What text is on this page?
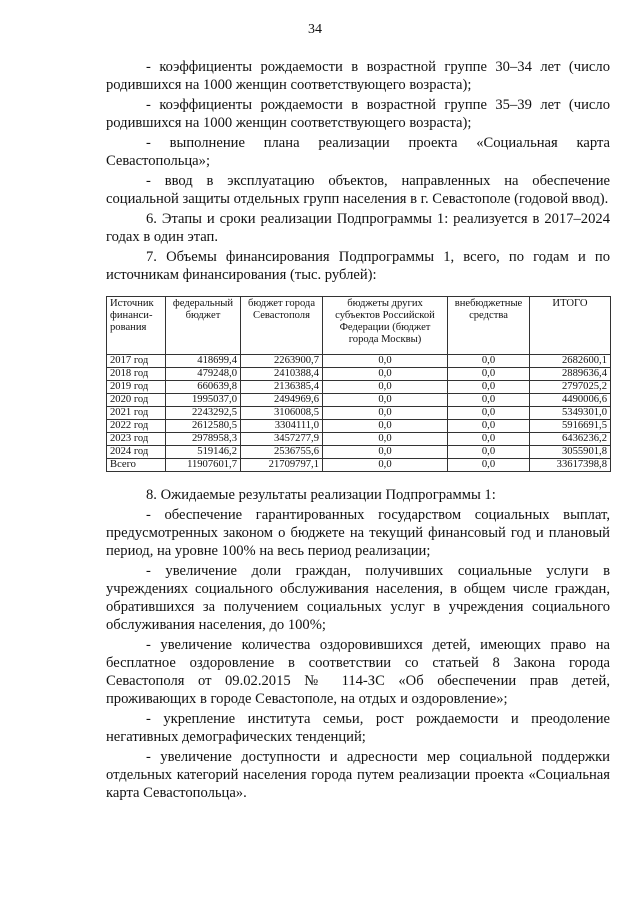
34

- коэффициенты рождаемости в возрастной группе 30–34 лет (число родившихся на 1000 женщин соответствующего возраста);

- коэффициенты рождаемости в возрастной группе 35–39 лет (число родившихся на 1000 женщин соответствующего возраста);

- выполнение плана реализации проекта «Социальная карта Севастопольца»;

- ввод в эксплуатацию объектов, направленных на обеспечение социальной защиты отдельных групп населения в г. Севастополе (годовой ввод).

6. Этапы и сроки реализации Подпрограммы 1: реализуется в 2017–2024 годах в один этап.

7. Объемы финансирования Подпрограммы 1, всего, по годам и по источникам финансирования (тыс. рублей):

Источник финанси-рования	федеральный бюджет	бюджет города Севастополя	бюджеты других субъектов Российской Федерации (бюджет города Москвы)	внебюджетные средства	ИТОГО
2017 год	418699,4	2263900,7	0,0	0,0	2682600,1
2018 год	479248,0	2410388,4	0,0	0,0	2889636,4
2019 год	660639,8	2136385,4	0,0	0,0	2797025,2
2020 год	1995037,0	2494969,6	0,0	0,0	4490006,6
2021 год	2243292,5	3106008,5	0,0	0,0	5349301,0
2022 год	2612580,5	3304111,0	0,0	0,0	5916691,5
2023 год	2978958,3	3457277,9	0,0	0,0	6436236,2
2024 год	519146,2	2536755,6	0,0	0,0	3055901,8
Всего	11907601,7	21709797,1	0,0	0,0	33617398,8

8. Ожидаемые результаты реализации Подпрограммы 1:

- обеспечение гарантированных государством социальных выплат, предусмотренных законом о бюджете на текущий финансовый год и плановый период, на уровне 100% на весь период реализации;

- увеличение доли граждан, получивших социальные услуги в учреждениях социального обслуживания населения, в общем числе граждан, обратившихся за получением социальных услуг в учреждения социального обслуживания населения, до 100%;

- увеличение количества оздоровившихся детей, имеющих право на бесплатное оздоровление в соответствии со статьей 8 Закона города Севастополя от 09.02.2015 № 114-ЗС «Об обеспечении прав детей, проживающих в городе Севастополе, на отдых и оздоровление»;

- укрепление института семьи, рост рождаемости и преодоление негативных демографических тенденций;

- увеличение доступности и адресности мер социальной поддержки отдельных категорий населения города путем реализации проекта «Социальная карта Севастопольца».
